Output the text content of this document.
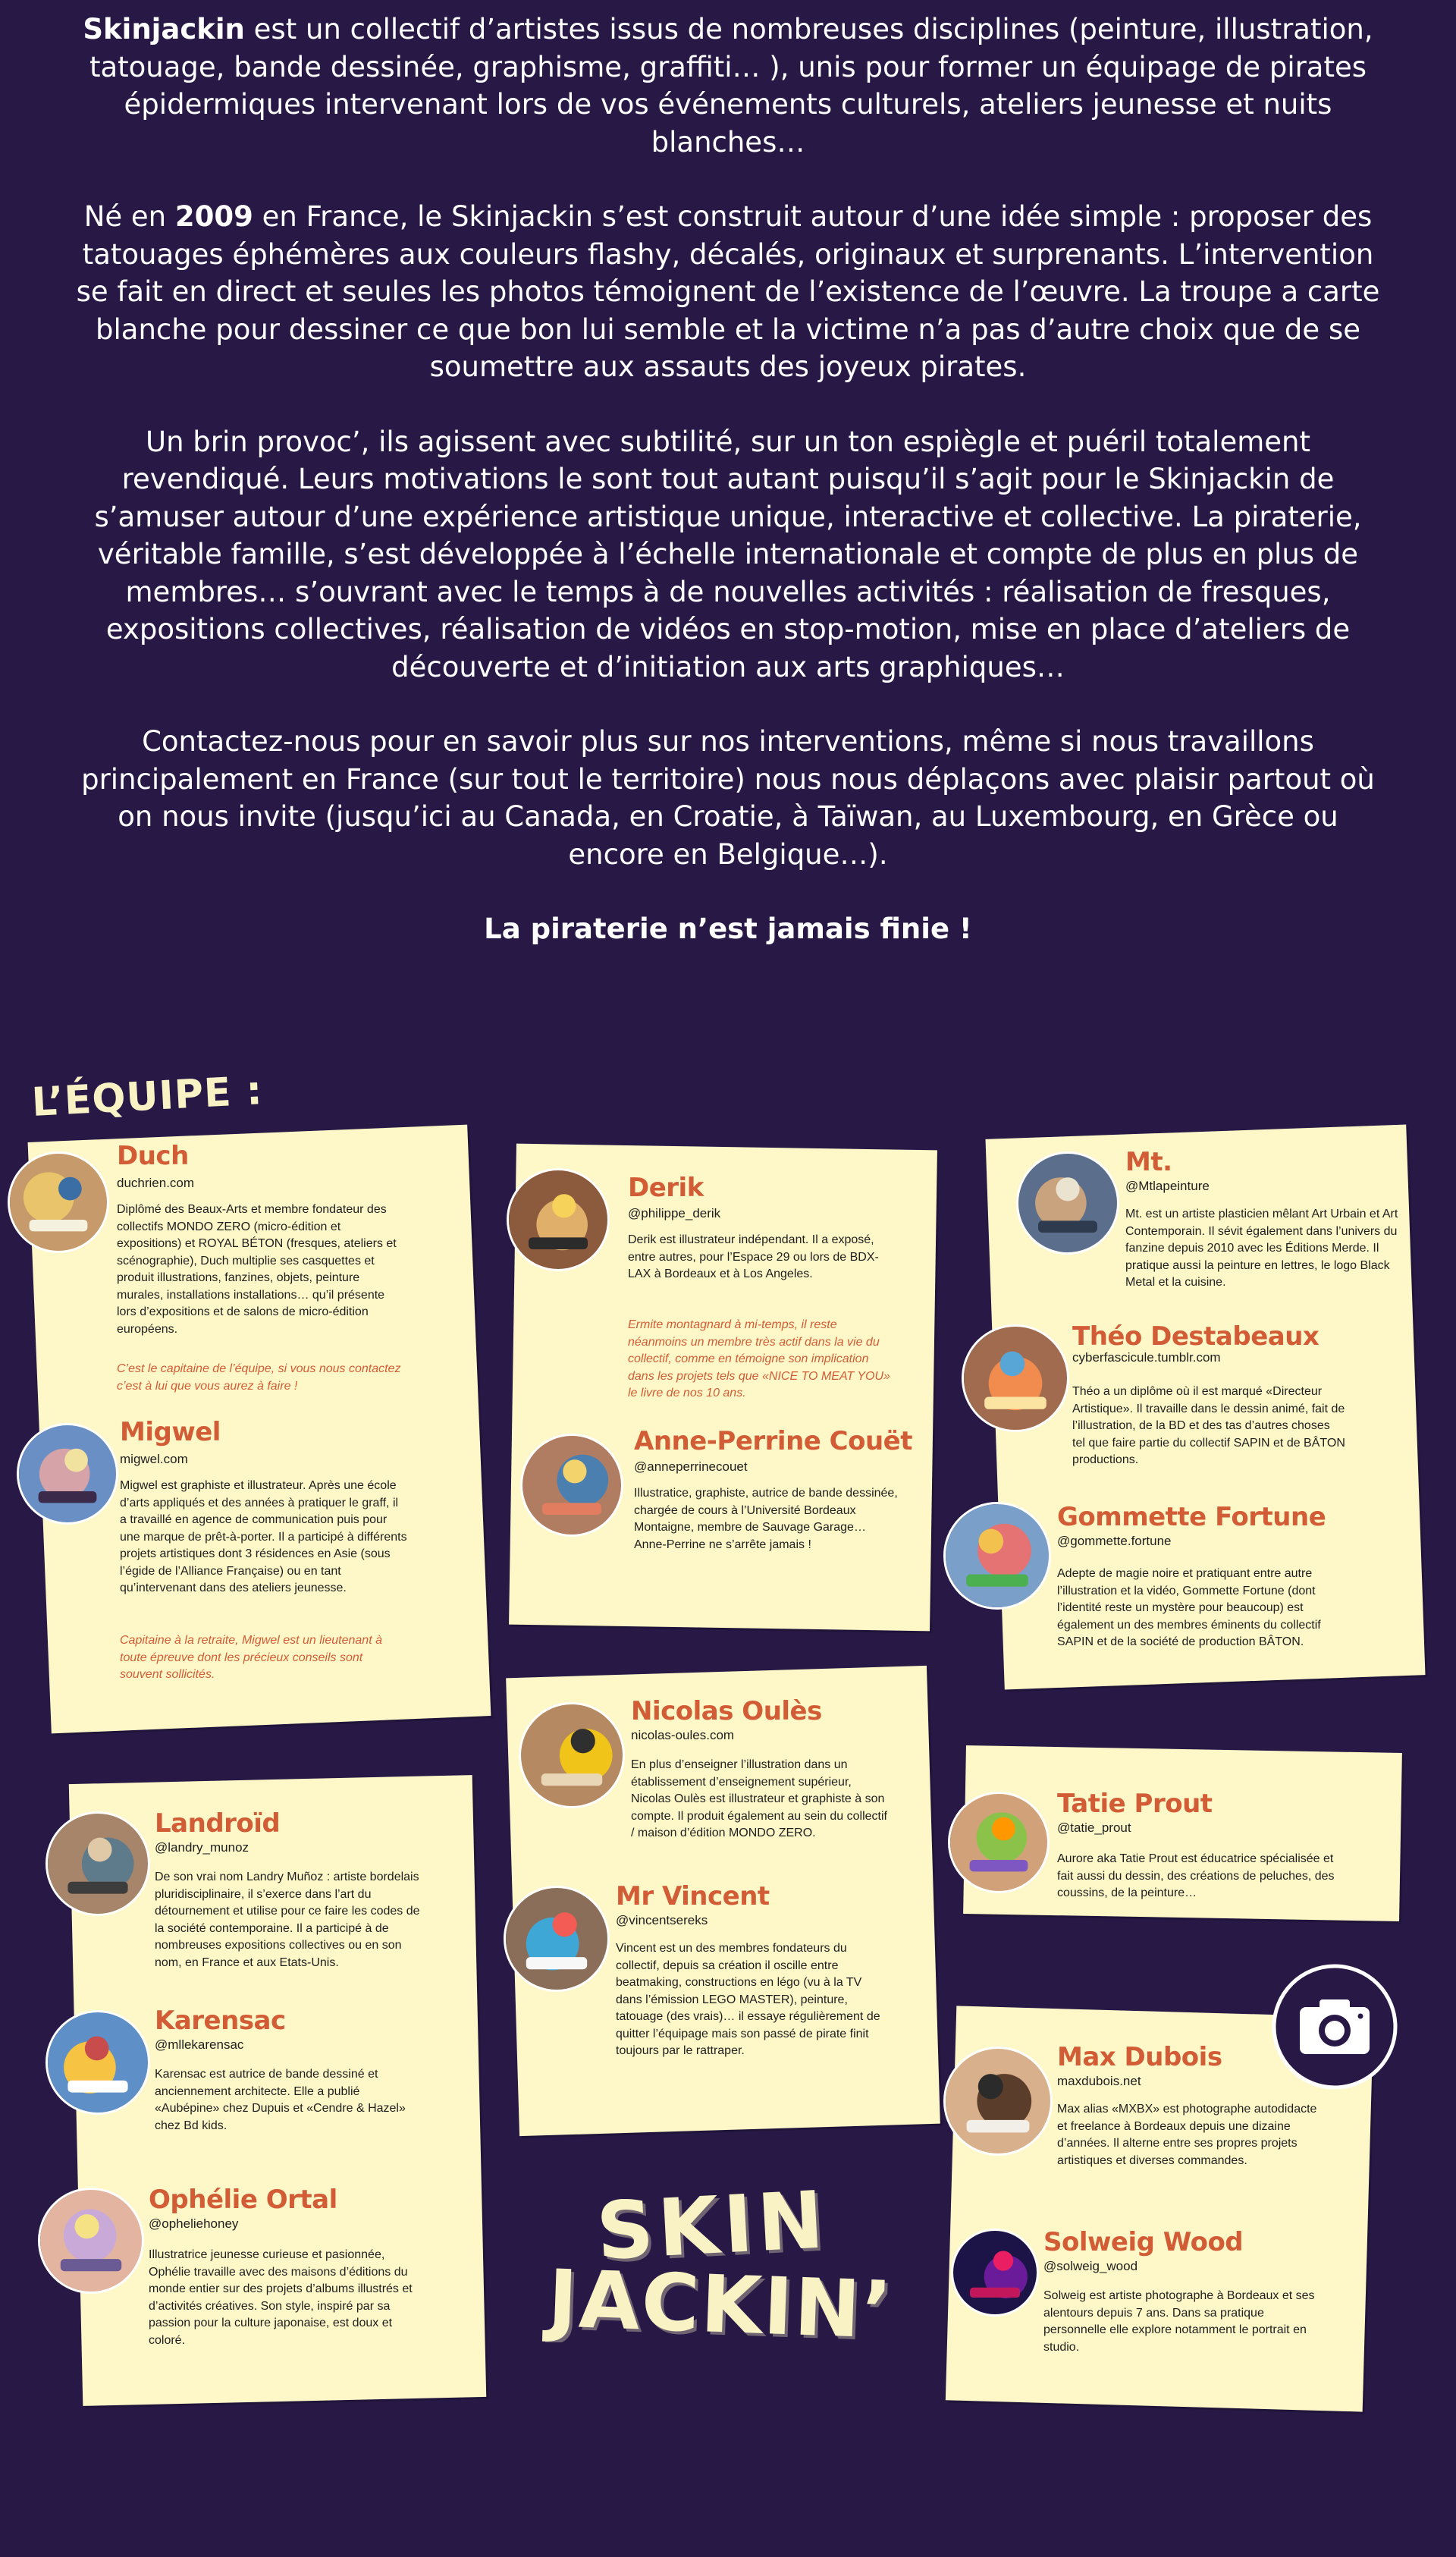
Skinjackin est un collectif d’artistes issus de nombreuses disciplines (peinture, illustration, tatouage, bande dessinée, graphisme, graffiti… ), unis pour former un équipage de pirates épidermiques intervenant lors de vos événements culturels, ateliers jeunesse et nuits blanches…

Né en 2009 en France, le Skinjackin s’est construit autour d’une idée simple : proposer des tatouages éphémères aux couleurs flashy, décalés, originaux et surprenants. L’intervention se fait en direct et seules les photos témoignent de l’existence de l’œuvre. La troupe a carte blanche pour dessiner ce que bon lui semble et la victime n’a pas d’autre choix que de se soumettre aux assauts des joyeux pirates.

Un brin provoc’, ils agissent avec subtilité, sur un ton espiègle et puéril totalement revendiqué. Leurs motivations le sont tout autant puisqu’il s’agit pour le Skinjackin de s’amuser autour d’une expérience artistique unique, interactive et collective. La piraterie, véritable famille, s’est développée à l’échelle internationale et compte de plus en plus de membres… s’ouvrant avec le temps à de nouvelles activités : réalisation de fresques, expositions collectives, réalisation de vidéos en stop-motion, mise en place d’ateliers de découverte et d’initiation aux arts graphiques…

Contactez-nous pour en savoir plus sur nos interventions, même si nous travaillons principalement en France (sur tout le territoire) nous nous déplaçons avec plaisir partout où on nous invite (jusqu’ici au Canada, en Croatie, à Taïwan, au Luxembourg, en Grèce ou encore en Belgique…).

La piraterie n’est jamais finie !

L’ÉQUIPE :
Duch
duchrien.com
Diplômé des Beaux-Arts et membre fondateur des collectifs MONDO ZERO (micro-édition et expositions) et ROYAL BÉTON (fresques, ateliers et scénographie), Duch multiplie ses casquettes et produit illustrations, fanzines, objets, peinture murales, installations installations… qu’il présente lors d’expositions et de salons de micro-édition européens.
C’est le capitaine de l’équipe, si vous nous contactez c’est à lui que vous aurez à faire !
Migwel
migwel.com
Migwel est graphiste et illustrateur. Après une école d’arts appliqués et des années à pratiquer le graff, il a travaillé en agence de communication puis pour une marque de prêt-à-porter. Il a participé à différents projets artistiques dont 3 résidences en Asie (sous l’égide de l’Alliance Française) ou en tant qu’intervenant dans des ateliers jeunesse.
Capitaine à la retraite, Migwel est un lieutenant à toute épreuve dont les précieux conseils sont souvent sollicités.
Derik
@philippe_derik
Derik est illustrateur indépendant. Il a exposé, entre autres, pour l’Espace 29 ou lors de BDX-LAX à Bordeaux et à Los Angeles.
Ermite montagnard à mi-temps, il reste néanmoins un membre très actif dans la vie du collectif, comme en témoigne son implication dans les projets tels que «NICE TO MEAT YOU» le livre de nos 10 ans.
Anne-Perrine Couët
@anneperrinecouet
Illustratice, graphiste, autrice de bande dessinée, chargée de cours à l’Université Bordeaux Montaigne, membre de Sauvage Garage… Anne-Perrine ne s’arrête jamais !
Mt.
@Mtlapeinture
Mt. est un artiste plasticien mêlant Art Urbain et Art Contemporain. Il sévit également dans l’univers du fanzine depuis 2010 avec les Éditions Merde. Il pratique aussi la peinture en lettres, le logo Black Metal et la cuisine.
Théo Destabeaux
cyberfascicule.tumblr.com
Théo a un diplôme où il est marqué «Directeur Artistique». Il travaille dans le dessin animé, fait de l’illustration, de la BD et des tas d’autres choses tel que faire partie du collectif SAPIN et de BÂTON productions.
Gommette Fortune
@gommette.fortune
Adepte de magie noire et pratiquant entre autre l’illustration et la vidéo, Gommette Fortune (dont l’identité reste un mystère pour beaucoup) est également un des membres éminents du collectif SAPIN et de la société de production BÂTON.
Nicolas Oulès
nicolas-oules.com
En plus d’enseigner l’illustration dans un établissement d’enseignement supérieur, Nicolas Oulès est illustrateur et graphiste à son compte. Il produit également au sein du collectif / maison d’édition MONDO ZERO.
Mr Vincent
@vincentsereks
Vincent est un des membres fondateurs du collectif, depuis sa création il oscille entre beatmaking, constructions en légo (vu à la TV dans l’émission LEGO MASTER), peinture, tatouage (des vrais)… il essaye régulièrement de quitter l’équipage mais son passé de pirate finit toujours par le rattraper.
Tatie Prout
@tatie_prout
Aurore aka Tatie Prout est éducatrice spécialisée et fait aussi du dessin, des créations de peluches, des coussins, de la peinture…
Landroïd
@landry_munoz
De son vrai nom Landry Muñoz : artiste bordelais pluridisciplinaire, il s’exerce dans l’art du détournement et utilise pour ce faire les codes de la société contemporaine. Il a participé à de nombreuses expositions collectives ou en son nom, en France et aux Etats-Unis.
Karensac
@mllekarensac
Karensac est autrice de bande dessiné et anciennement architecte. Elle a publié «Aubépine» chez Dupuis et «Cendre & Hazel» chez Bd kids.
Ophélie Ortal
@opheliehoney
Illustratrice jeunesse curieuse et pasionnée, Ophélie travaille avec des maisons d’éditions du monde entier sur des projets d’albums illustrés et d’activités créatives. Son style, inspiré par sa passion pour la culture japonaise, est doux et coloré.
Max Dubois
maxdubois.net
Max alias «MXBX» est photographe autodidacte et freelance à Bordeaux depuis une dizaine d’années. Il alterne entre ses propres projets artistiques et diverses commandes.
Solweig Wood
@solweig_wood
Solweig est artiste photographe à Bordeaux et ses alentours depuis 7 ans. Dans sa pratique personnelle elle explore notamment le portrait en studio.
SKIN
JACKIN’
